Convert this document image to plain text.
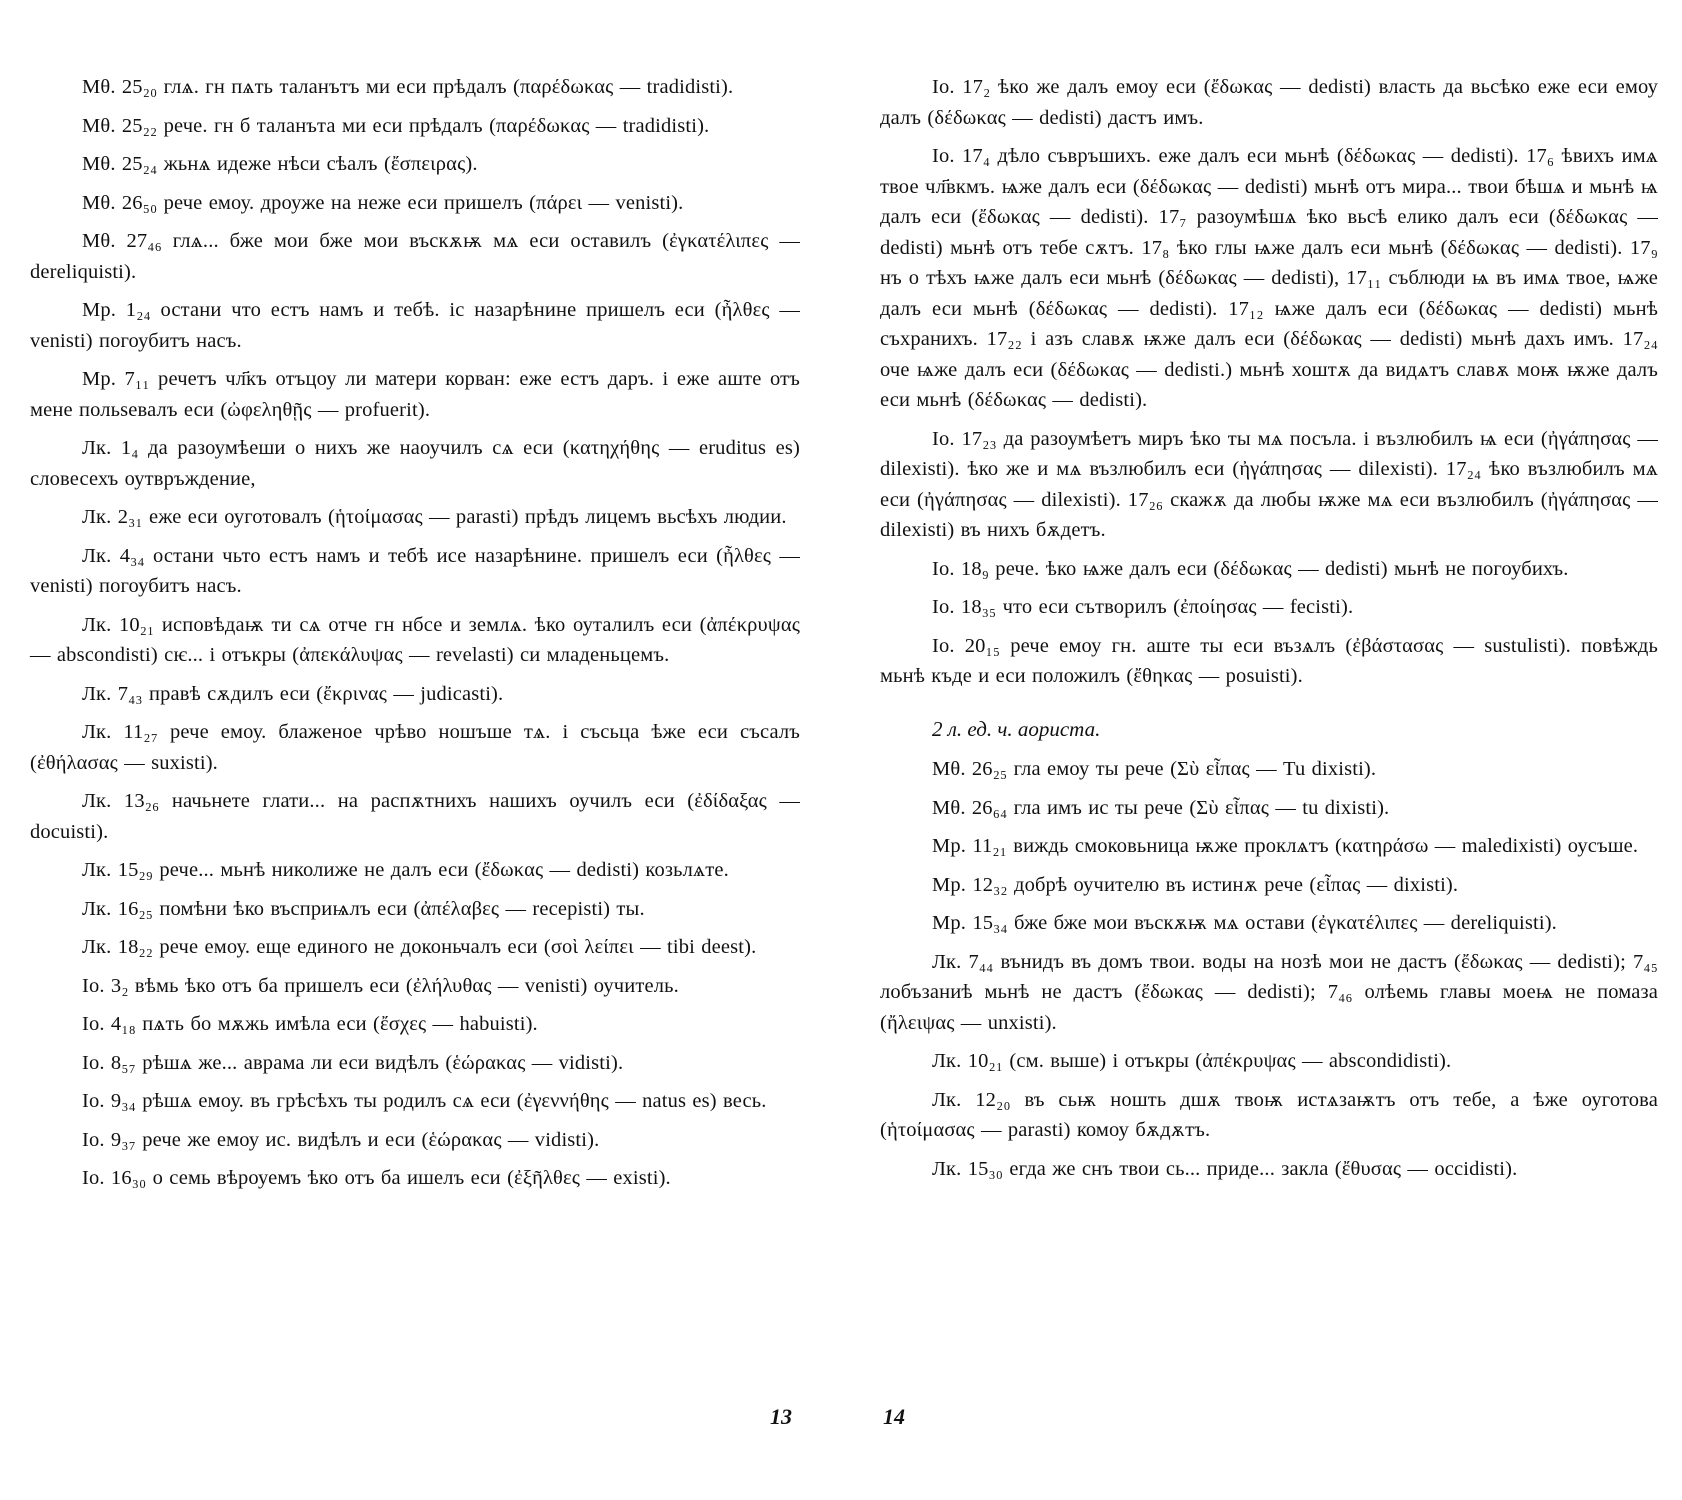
Мθ. 25₂₀ глѧ. гн пѧть таланътъ ми еси прѣдалъ (παρέδωκας — tradidisti).

Мθ. 25₂₂ рече. гн б таланъта ми еси прѣдалъ (παρέδωκας — tradidisti).

Мθ. 25₂₄ жьнѧ идеже нѣси сѣалъ (ἔσπειρας).

Мθ. 26₅₀ рече емоу. дроуже на неже еси пришелъ (πάρει — venisti).

Мθ. 27₄₆ глѧ... бже мои бже мои въскѫѭ мѧ еси оставилъ (ἐγκατέλιπες — dereliquisti).

Мр. 1₂₄ остани что естъ намъ и тебѣ. іс назарѣнине пришелъ еси (ἦλθες — venisti) погоубитъ насъ.

Мр. 7₁₁ речетъ чл҃къ отъцоу ли матери корван: еже естъ даръ. і еже аште отъ мене польѕевалъ еси (ὠφεληθῇς — profuerit).

Лк. 1₄ да разоумѣеши о нихъ же наоучилъ сѧ еси (κατηχήθης — eruditus es) словесехъ оутвръждение,

Лк. 2₃₁ еже еси оуготовалъ (ἡτοίμασας — parasti) прѣдъ лицемъ вьсѣхъ людии.

Лк. 4₃₄ остани чьто естъ намъ и тебѣ исе назарѣнине. пришелъ еси (ἦλθες — venisti) погоубитъ насъ.

Лк. 10₂₁ исповѣдаѭ ти сѧ отче гн нбсе и землѧ. ѣко оуталилъ еси (ἀπέκρυψας — abscondisti) сѥ... і отъкры (ἀπεκάλυψας — revelasti) си младеньцемъ.

Лк. 7₄₃ правѣ сѫдилъ еси (ἔκρινας — judicasti).

Лк. 11₂₇ рече емоу. блаженое чрѣво ношъше тѧ. і съсьца ѣже еси съсалъ (ἐθήλασας — suxisti).

Лк. 13₂₆ начьнете глати... на распѫтнихъ нашихъ оучилъ еси (ἐδίδαξας — docuisti).

Лк. 15₂₉ рече... мьнѣ николиже не далъ еси (ἔδωκας — dedisti) козьлѧте.

Лк. 16₂₅ помѣни ѣко въсприѩлъ еси (ἀπέλαβες — recepisti) ты.

Лк. 18₂₂ рече емоу. еще единого не доконьчалъ еси (σοὶ λείπει — tibi deest).

Іо. 3₂ вѣмь ѣко отъ ба пришелъ еси (ἐλήλυθας — venisti) оучитель.

Іо. 4₁₈ пѧть бо мѫжь имѣла еси (ἔσχες — habuisti).

Іо. 8₅₇ рѣшѧ же... аврама ли еси видѣлъ (ἑώρακας — vidisti).

Іо. 9₃₄ рѣшѧ емоу. въ грѣсѣхъ ты родилъ сѧ еси (ἐγεννήθης — natus es) весь.

Іо. 9₃₇ рече же емоу ис. видѣлъ и еси (ἑώρακας — vidisti).

Іо. 16₃₀ о семь вѣроуемъ ѣко отъ ба ишелъ еси (ἐξῆλθες — existi).

Іо. 17₂ ѣко же далъ емоу еси (ἔδωκας — dedisti) власть да вьсѣко еже еси емоу далъ (δέδωκας — dedisti) дастъ имъ.

Іо. 17₄ дѣло съвръшихъ. еже далъ еси мьнѣ (δέδωκας — dedisti). 17₆ ѣвихъ имѧ твое чл҃вкмъ. ѩже далъ еси (δέδωκας — dedisti) мьнѣ отъ мира... твои бѣшѧ и мьнѣ ѩ далъ еси (ἔδωκας — dedisti). 17₇ разоумѣшѧ ѣко вьсѣ елико далъ еси (δέδωκας — dedisti) мьнѣ отъ тебе сѫтъ. 17₈ ѣко глы ѩже далъ еси мьнѣ (δέδωκας — dedisti). 17₉ нъ о тѣхъ ѩже далъ еси мьнѣ (δέδωκας — dedisti), 17₁₁ съблюди ѩ въ имѧ твое, ѩже далъ еси мьнѣ (δέδωκας — dedisti). 17₁₂ ѩже далъ еси (δέδωκας — dedisti) мьнѣ съхранихъ. 17₂₂ і азъ славѫ ѭже далъ еси (δέδωκας — dedisti) мьнѣ дахъ имъ. 17₂₄ оче ѩже далъ еси (δέδωκας — dedisti.) мьнѣ хоштѫ да видѧтъ славѫ моѭ ѭже далъ еси мьнѣ (δέδωκας — dedisti).

Іо. 17₂₃ да разоумѣетъ миръ ѣко ты мѧ посъла. і възлюбилъ ѩ еси (ἠγάπησας — dilexisti). ѣко же и мѧ възлюбилъ еси (ἠγάπησας — dilexisti). 17₂₄ ѣко възлюбилъ мѧ еси (ἠγάπησας — dilexisti). 17₂₆ скажѫ да любы ѭже мѧ еси възлюбилъ (ἠγάπησας — dilexisti) въ нихъ бѫдетъ.

Іо. 18₉ рече. ѣко ѩже далъ еси (δέδωκας — dedisti) мьнѣ не погоубихъ.

Іо. 18₃₅ что еси сътворилъ (ἐποίησας — fecisti).

Іо. 20₁₅ рече емоу гн. аште ты еси възѧлъ (ἐβάστασας — sustulisti). повѣждь мьнѣ къде и еси положилъ (ἔθηκας — posuisti).

2 л. ед. ч. аориста.

Мθ. 26₂₅ гла емоу ты рече (Σὺ εἶπας — Tu dixisti).

Мθ. 26₆₄ гла имъ ис ты рече (Σὺ εἶπας — tu dixisti).

Мр. 11₂₁ виждь смоковьница ѭже проклѧтъ (κατηράσω — maledixisti) оусъше.

Мр. 12₃₂ добрѣ оучителю въ истинѫ рече (εἶπας — dixisti).

Мр. 15₃₄ бже бже мои въскѫѭ мѧ остави (ἐγκατέλιπες — dereliquisti).

Лк. 7₄₄ вънидъ въ домъ твои. воды на нозѣ мои не дастъ (ἔδωκας — dedisti); 7₄₅ лобъзаниѣ мьнѣ не дастъ (ἔδωκας — dedisti); 7₄₆ олѣемь главы моеѩ не помаза (ἤλειψας — unxisti).

Лк. 10₂₁ (см. выше) і отъкры (ἀπέκρυψας — abscondidisti).

Лк. 12₂₀ въ сьѭ ношть дшѫ твоѭ истѧзаѭтъ отъ тебе, а ѣже оуготова (ἡτοίμασας — parasti) комоу бѫдѫтъ.

Лк. 15₃₀ егда же снъ твои сь... приде... закла (ἔθυσας — occidisti).

13	14
